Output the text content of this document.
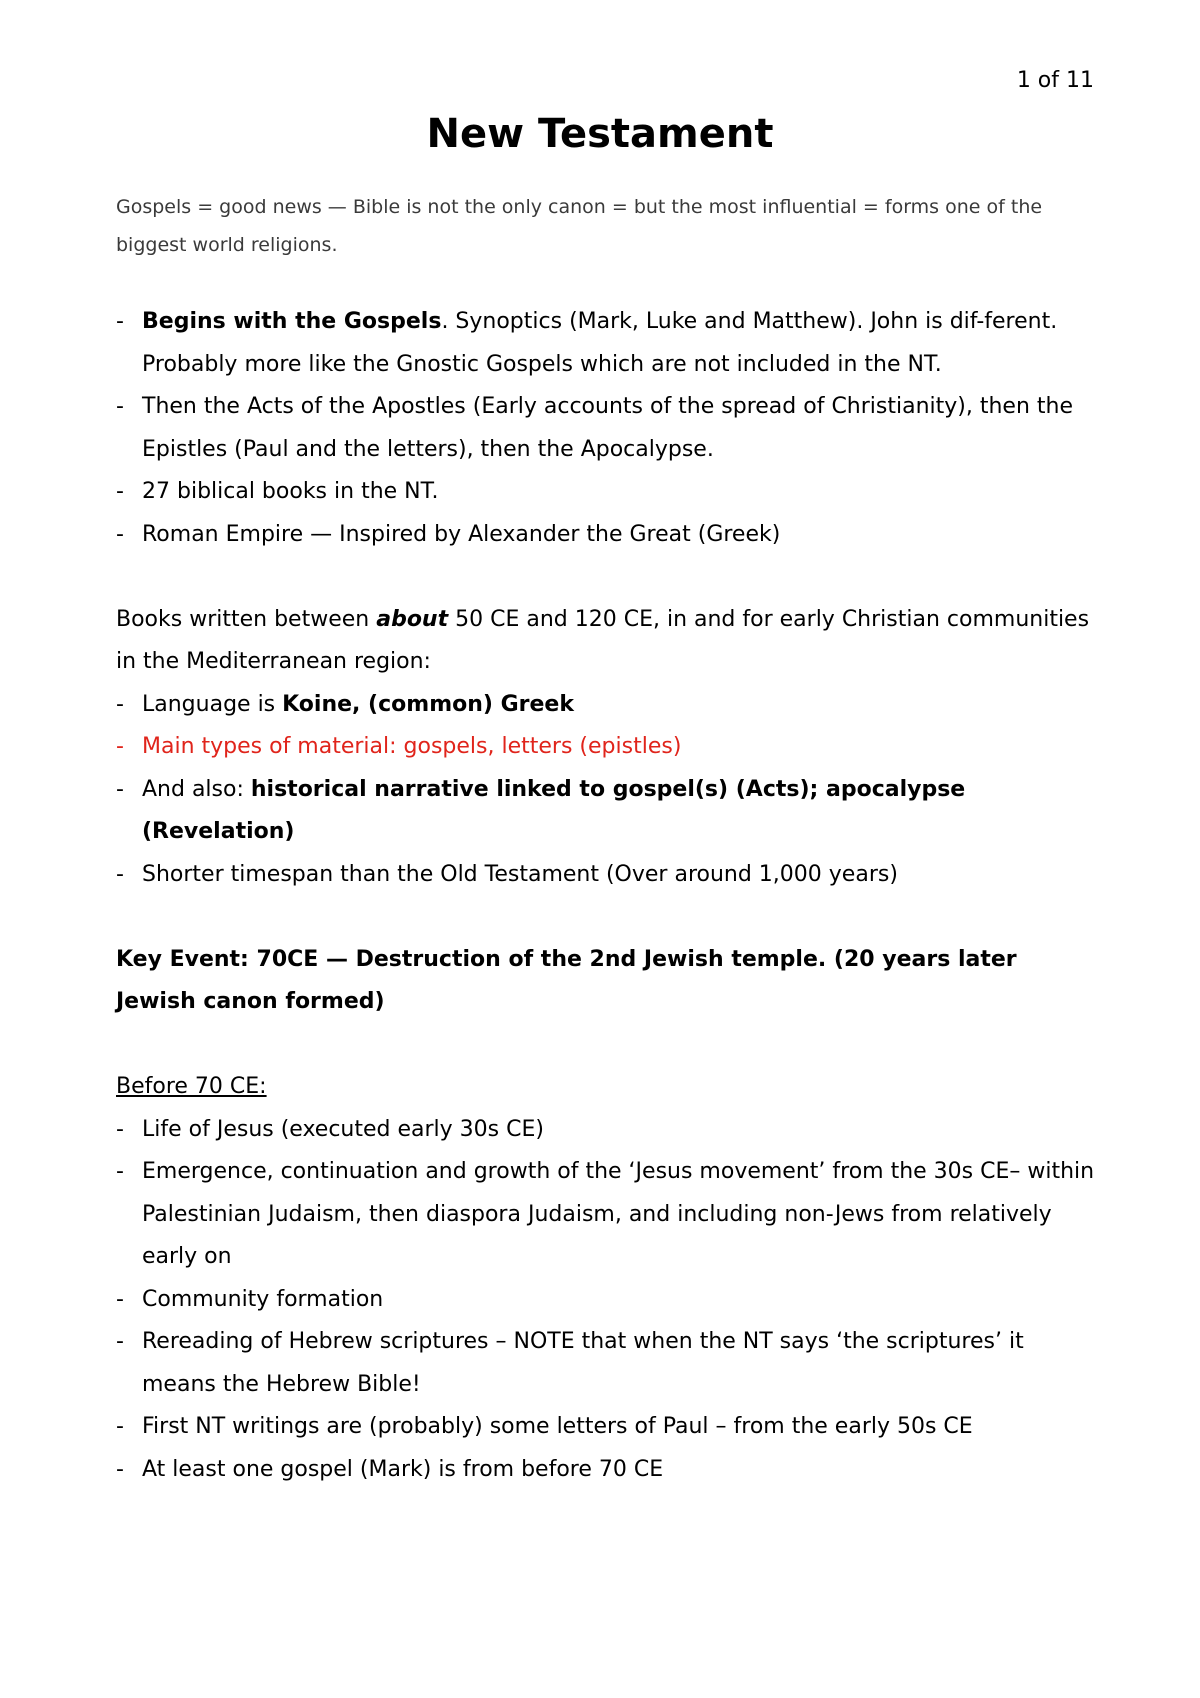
1 of 11
New Testament

Gospels = good news — Bible is not the only canon = but the most influential = forms one of the biggest world religions.

- Begins with the Gospels. Synoptics (Mark, Luke and Matthew). John is dif-ferent. Probably more like the Gnostic Gospels which are not included in the NT.
- Then the Acts of the Apostles (Early accounts of the spread of Christianity), then the Epistles (Paul and the letters), then the Apocalypse.
- 27 biblical books in the NT.
- Roman Empire — Inspired by Alexander the Great (Greek)

Books written between about 50 CE and 120 CE, in and for early Christian communities in the Mediterranean region:

- Language is Koine, (common) Greek
- Main types of material: gospels, letters (epistles)
- And also: historical narrative linked to gospel(s) (Acts); apocalypse (Revelation)
- Shorter timespan than the Old Testament (Over around 1,000 years)

Key Event: 70CE — Destruction of the 2nd Jewish temple. (20 years later Jewish canon formed)

Before 70 CE:

- Life of Jesus (executed early 30s CE)
- Emergence, continuation and growth of the ‘Jesus movement’ from the 30s CE– within Palestinian Judaism, then diaspora Judaism, and including non-Jews from relatively early on
- Community formation
- Rereading of Hebrew scriptures – NOTE that when the NT says ‘the scriptures’ it means the Hebrew Bible!
- First NT writings are (probably) some letters of Paul – from the early 50s CE
- At least one gospel (Mark) is from before 70 CE
